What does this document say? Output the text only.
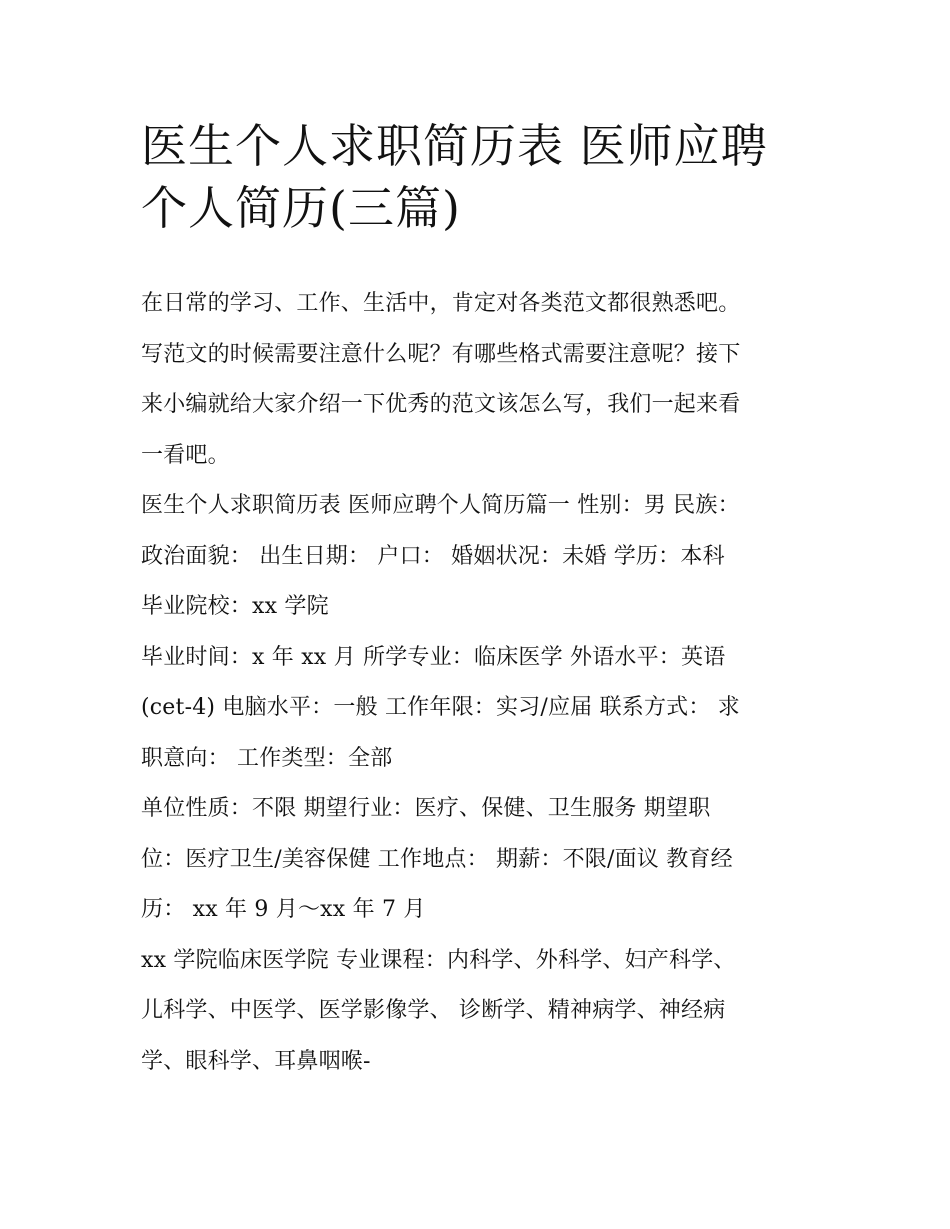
医生个人求职简历表 医师应聘
个人简历(三篇)
在日常的学习、工作、生活中，肯定对各类范文都很熟悉吧。
写范文的时候需要注意什么呢？有哪些格式需要注意呢？接下
来小编就给大家介绍一下优秀的范文该怎么写，我们一起来看
一看吧。
医生个人求职简历表 医师应聘个人简历篇一 性别：男 民族：
政治面貌： 出生日期： 户口： 婚姻状况：未婚 学历：本科
毕业院校：xx 学院
毕业时间：x 年 xx 月 所学专业：临床医学 外语水平：英语
(cet-4) 电脑水平：一般 工作年限：实习/应届 联系方式： 求
职意向： 工作类型：全部
单位性质：不限 期望行业：医疗、保健、卫生服务 期望职
位：医疗卫生/美容保健 工作地点： 期薪：不限/面议 教育经
历： xx 年 9 月～xx 年 7 月
xx 学院临床医学院 专业课程：内科学、外科学、妇产科学、
儿科学、中医学、医学影像学、 诊断学、精神病学、神经病
学、眼科学、耳鼻咽喉-
